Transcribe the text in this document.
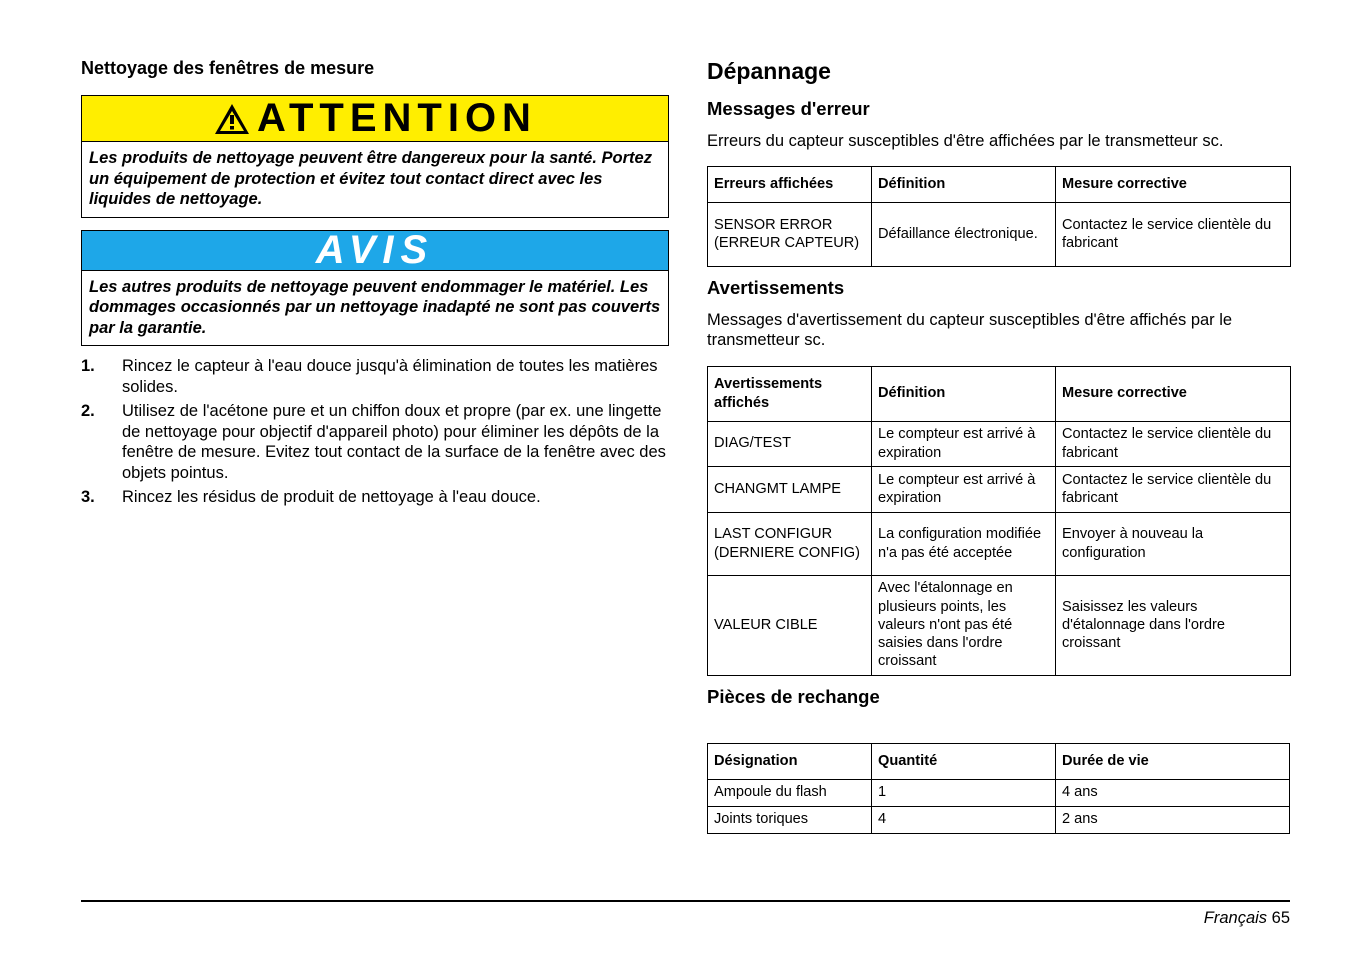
Nettoyage des fenêtres de mesure
ATTENTION
Les produits de nettoyage peuvent être dangereux pour la santé. Portez un équipement de protection et évitez tout contact direct avec les liquides de nettoyage.
AVIS
Les autres produits de nettoyage peuvent endommager le matériel. Les dommages occasionnés par un nettoyage inadapté ne sont pas couverts par la garantie.
1.	Rincez le capteur à l'eau douce jusqu'à élimination de toutes les matières solides.
2.	Utilisez de l'acétone pure et un chiffon doux et propre (par ex. une lingette de nettoyage pour objectif d'appareil photo) pour éliminer les dépôts de la fenêtre de mesure. Evitez tout contact de la surface de la fenêtre avec des objets pointus.
3.	Rincez les résidus de produit de nettoyage à l'eau douce.
Dépannage
Messages d'erreur

Erreurs du capteur susceptibles d'être affichées par le transmetteur sc.

Erreurs affichées	Définition	Mesure corrective
SENSOR ERROR (ERREUR CAPTEUR)	Défaillance électronique.	Contactez le service clientèle du fabricant
Avertissements

Messages d'avertissement du capteur susceptibles d'être affichés par le transmetteur sc.

Avertissements affichés	Définition	Mesure corrective
DIAG/TEST	Le compteur est arrivé à expiration	Contactez le service clientèle du fabricant
CHANGMT LAMPE	Le compteur est arrivé à expiration	Contactez le service clientèle du fabricant
LAST CONFIGUR (DERNIERE CONFIG)	La configuration modifiée n'a pas été acceptée	Envoyer à nouveau la configuration
VALEUR CIBLE	Avec l'étalonnage en plusieurs points, les valeurs n'ont pas été saisies dans l'ordre croissant	Saisissez les valeurs d'étalonnage dans l'ordre croissant
Pièces de rechange
Désignation	Quantité	Durée de vie
Ampoule du flash	1	4 ans
Joints toriques	4	2 ans
Français 65
